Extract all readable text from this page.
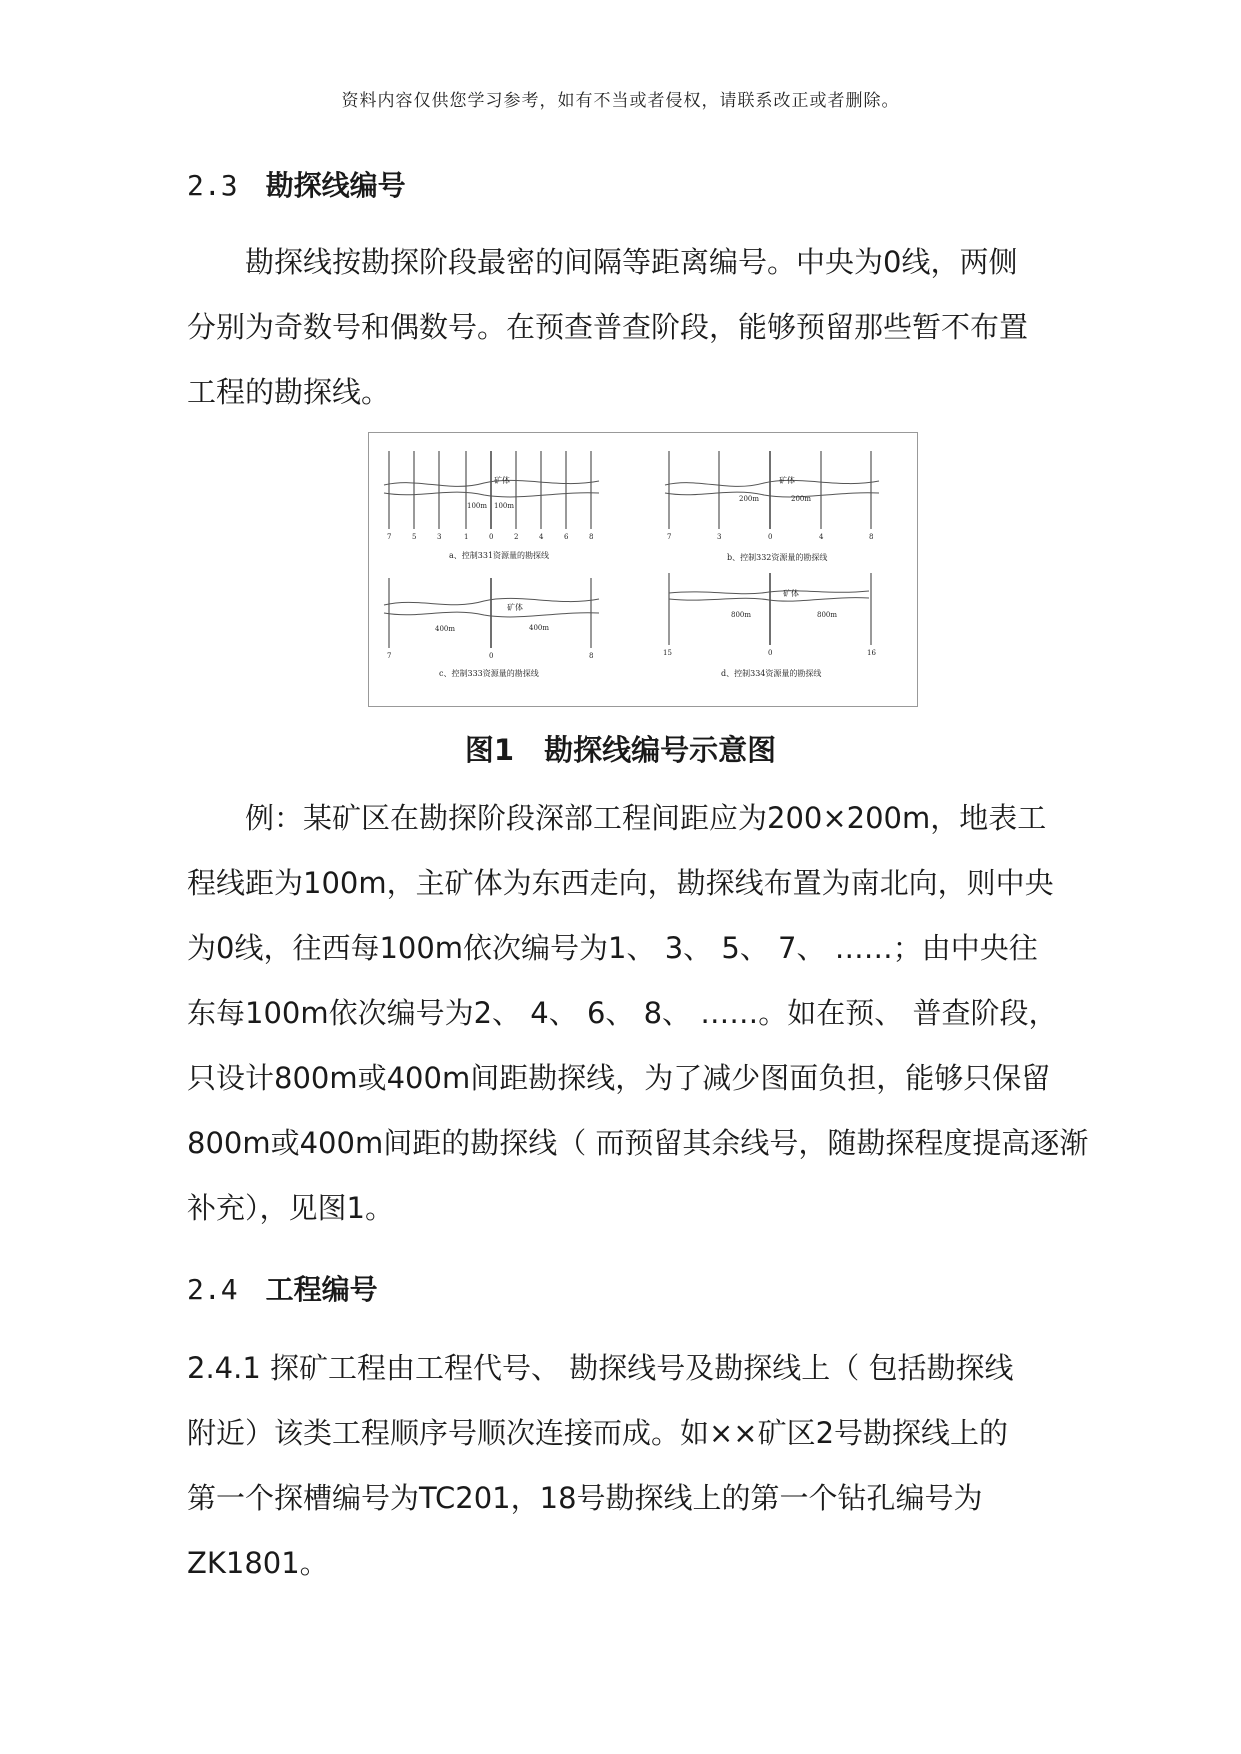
资料内容仅供您学习参考，如有不当或者侵权，请联系改正或者删除。
2.3 勘探线编号
勘探线按勘探阶段最密的间隔等距离编号。中央为0线，两侧
分别为奇数号和偶数号。在预查普查阶段，能够预留那些暂不布置
工程的勘探线。
矿体
100m 100m
7	5	3	1	0	2	4	6	8
a、控制331资源量的勘探线
矿体
200m	200m
7	3	0	4	8
b、控制332资源量的勘探线
矿体
400m	400m
7	0	8
c、控制333资源量的勘探线
矿体
800m	800m
15	0	16
d、控制334资源量的勘探线
图1 勘探线编号示意图
例：某矿区在勘探阶段深部工程间距应为200×200m，地表工
程线距为100m，主矿体为东西走向，勘探线布置为南北向，则中央
为0线，往西每100m依次编号为1、 3、 5、 7、 ……；由中央往
东每100m依次编号为2、 4、 6、 8、 ……。如在预、 普查阶段，
只设计800m或400m间距勘探线，为了减少图面负担，能够只保留
800m或400m间距的勘探线（ 而预留其余线号，随勘探程度提高逐渐
补充），见图1。
2.4 工程编号
2.4.1 探矿工程由工程代号、 勘探线号及勘探线上（ 包括勘探线
附近）该类工程顺序号顺次连接而成。如××矿区2号勘探线上的
第一个探槽编号为TC201，18号勘探线上的第一个钻孔编号为
ZK1801。
